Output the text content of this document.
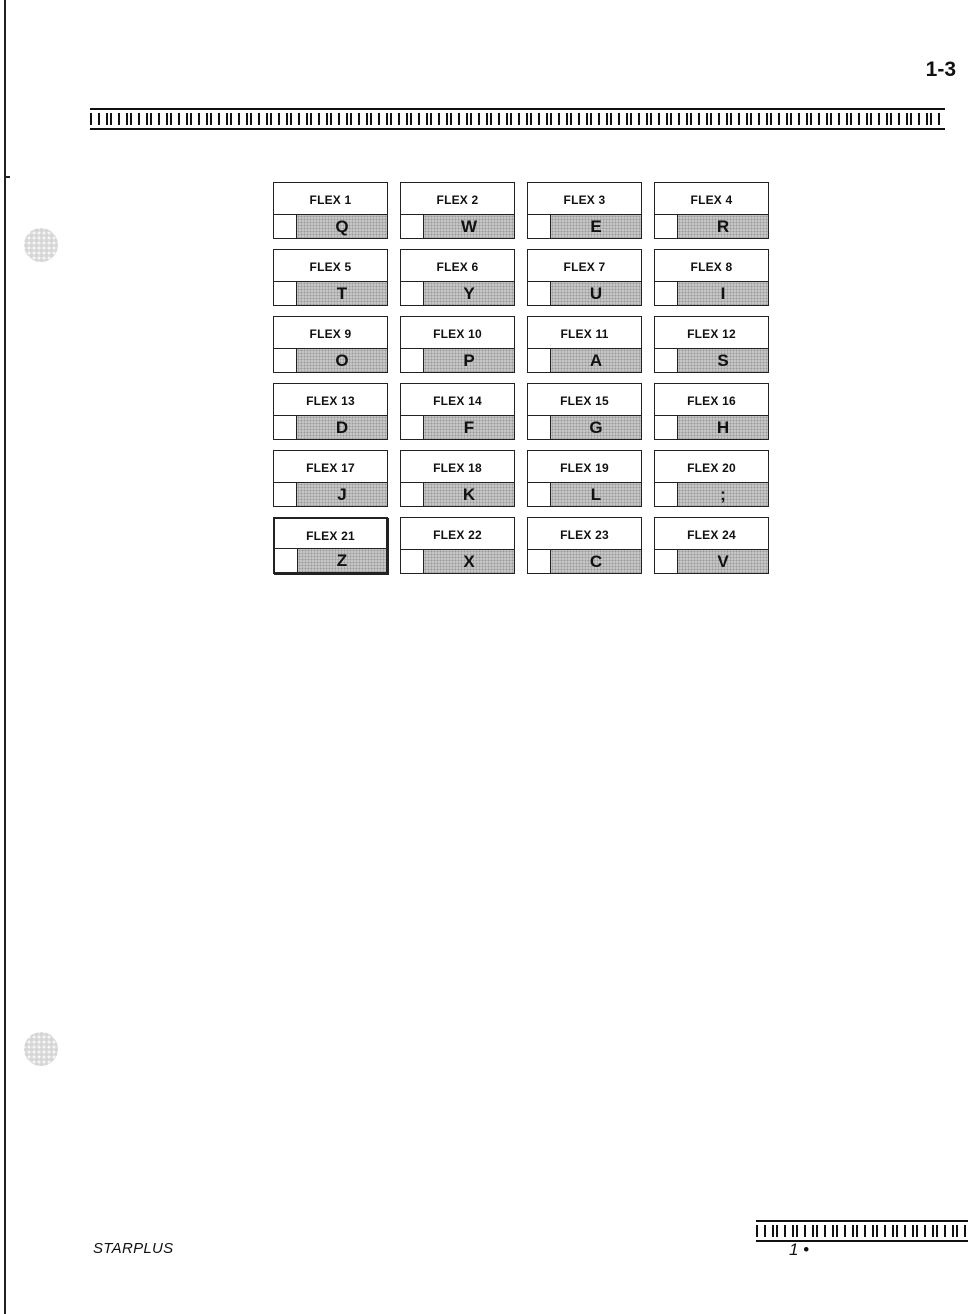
1-3
FLEX 1
Q
FLEX 2
W
FLEX 3
E
FLEX 4
R
FLEX 5
T
FLEX 6
Y
FLEX 7
U
FLEX 8
I
FLEX 9
O
FLEX 10
P
FLEX 11
A
FLEX 12
S
FLEX 13
D
FLEX 14
F
FLEX 15
G
FLEX 16
H
FLEX 17
J
FLEX 18
K
FLEX 19
L
FLEX 20
;
FLEX 21
Z
FLEX 22
X
FLEX 23
C
FLEX 24
V
STARPLUS	1 •
